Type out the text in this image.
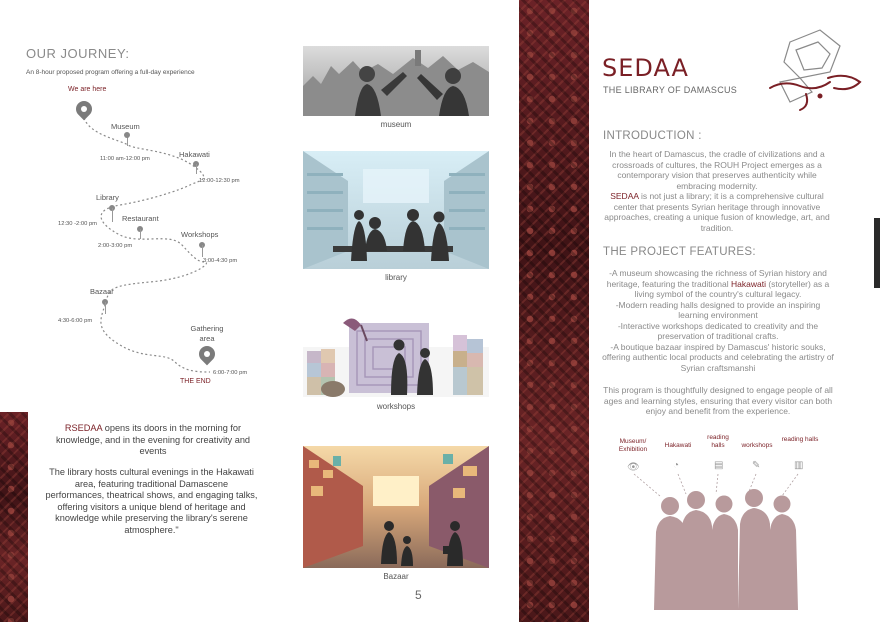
OUR JOURNEY:
An 8-hour proposed program offering a full-day experience
We are here
Museum
11:00 am-12:00 pm	Hakawati
12:00-12:30 pm
Library
12:30 -2:00 pm
Restaurant
2:00-3:00 pm
Workshops
3:00-4:30 pm
Bazaar
4:30-6:00 pm
Gathering area
6:00-7:00 pm
THE END
RSEDAA opens its doors in the morning for knowledge, and in the evening for creativity and events
The library hosts cultural evenings in the Hakawati area, featuring traditional Damascene performances, theatrical shows, and engaging talks, offering visitors a unique blend of heritage and knowledge while preserving the library's serene atmosphere."
museum
library
workshops
Bazaar
5
SEDAA
THE LIBRARY OF DAMASCUS
INTRODUCTION :
In the heart of Damascus, the cradle of civilizations and a crossroads of cultures, the ROUH Project emerges as a contemporary vision that preserves authenticity while embracing modernity.
SEDAA is not just a library; it is a comprehensive cultural center that presents Syrian heritage through innovative approaches, creating a unique fusion of knowledge, art, and tradition.
THE PROJECT FEATURES:
-A museum showcasing the richness of Syrian history and heritage, featuring the traditional Hakawati (storyteller) as a living symbol of the country's cultural legacy.
-Modern reading halls designed to provide an inspiring learning environment
-Interactive workshops dedicated to creativity and the preservation of traditional crafts.
-A boutique bazaar inspired by Damascus' historic souks, offering authentic local products and celebrating the artistry of Syrian craftsmanshi
This program is thoughtfully designed to engage people of all ages and learning styles, ensuring that every visitor can both enjoy and benefit from the experience.
Museum/ Exhibition
Hakawati
reading halls	workshops
reading halls
👁	◔	▤	✎	▥
